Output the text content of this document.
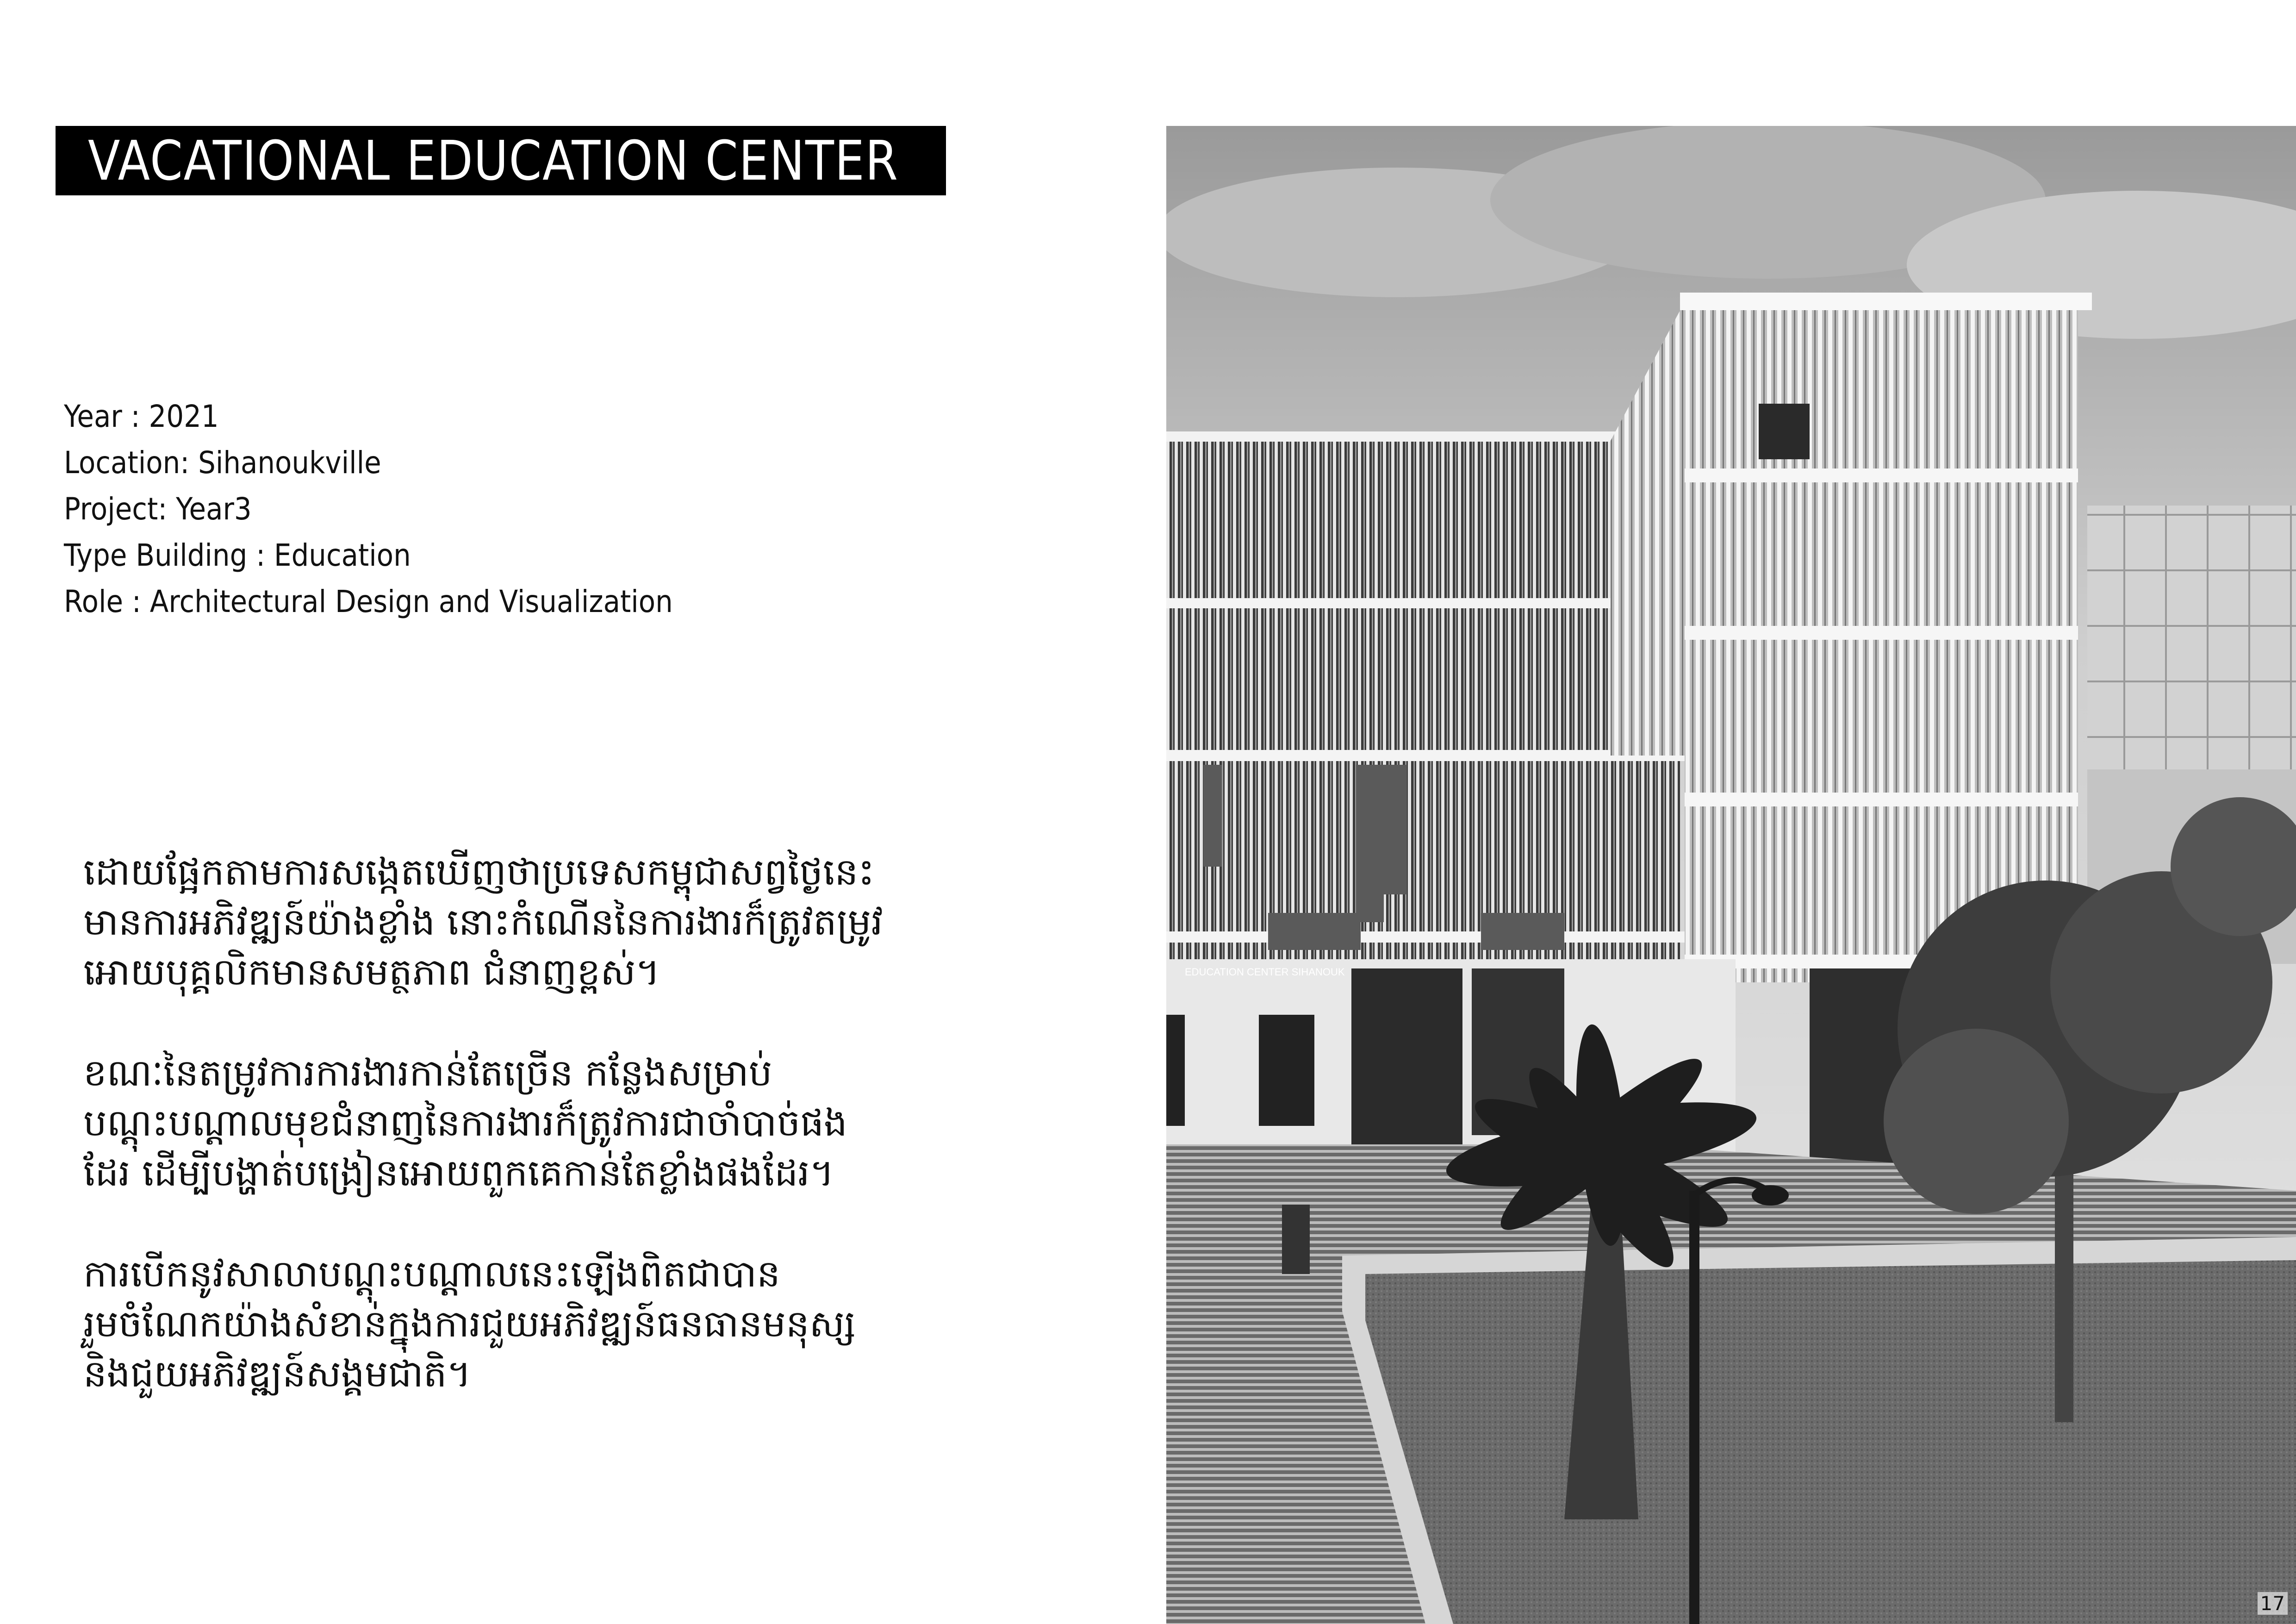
VACATIONAL EDUCATION CENTER
Year : 2021
Location: Sihanoukville
Project: Year3
Type Building : Education
Role : Architectural Design and Visualization
ដោយផ្អែកតាមការសង្កេតឃើញថាប្រទេសកម្ពុជាសព្វថ្ងៃនេះ
មានការអភិវឌ្ឍន៍យ៉ាងខ្លាំង នោះកំណើននៃការងារក៏ត្រូវតម្រូវ
អោយបុគ្គលិកមានសមត្ថភាព ជំនាញខ្ពស់។
ខណៈនៃតម្រូវការការងារកាន់តែច្រើន កន្លែងសម្រាប់
បណ្តុះបណ្តាលមុខជំនាញនៃការងារក៏ត្រូវការជាចាំបាច់ផង
ដែរ ដើម្បីបង្ហាត់បង្រៀនអោយពួកគេកាន់តែខ្លាំងផងដែរ។
ការបើកនូវសាលាបណ្តុះបណ្តាលនេះឡើងពិតជាបាន
រួមចំណែកយ៉ាងសំខាន់ក្នុងការជួយអភិវឌ្ឍន៍ធនធានមនុស្ស
និងជួយអភិវឌ្ឍន៍សង្គមជាតិ។
EDUCATION CENTER SIHANOUK
17
